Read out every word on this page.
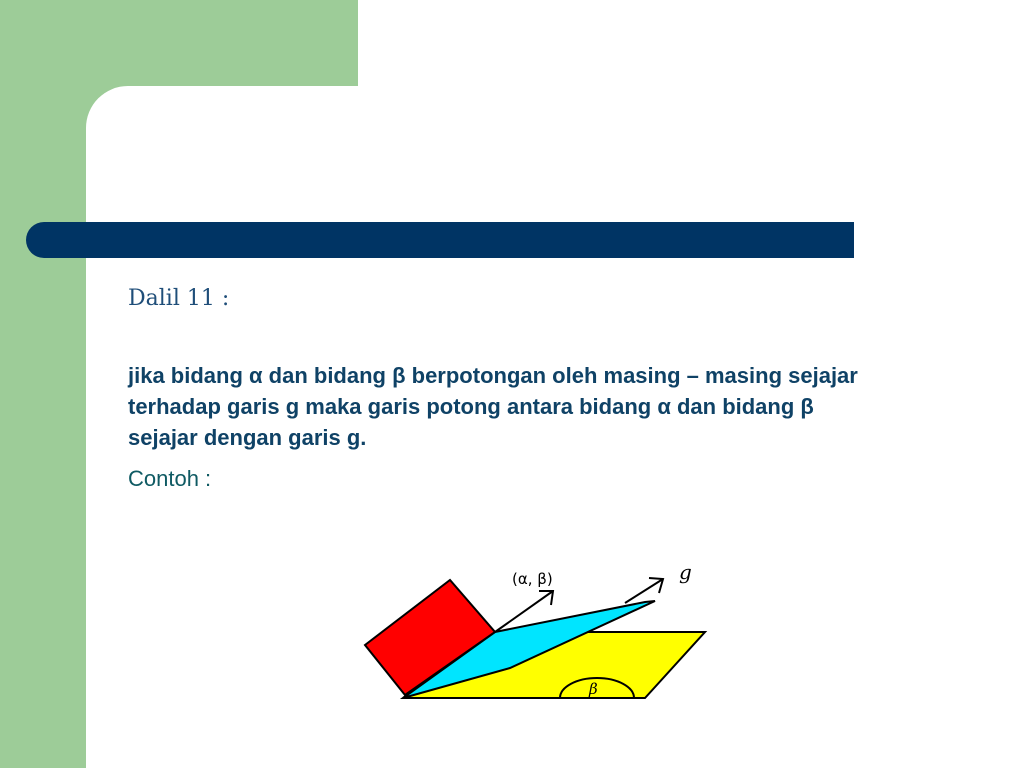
Dalil 11 :
jika bidang α dan bidang β berpotongan oleh masing – masing sejajar terhadap garis g maka garis potong antara bidang α dan bidang β sejajar dengan garis g.
Contoh :
(α, β)	g
β
